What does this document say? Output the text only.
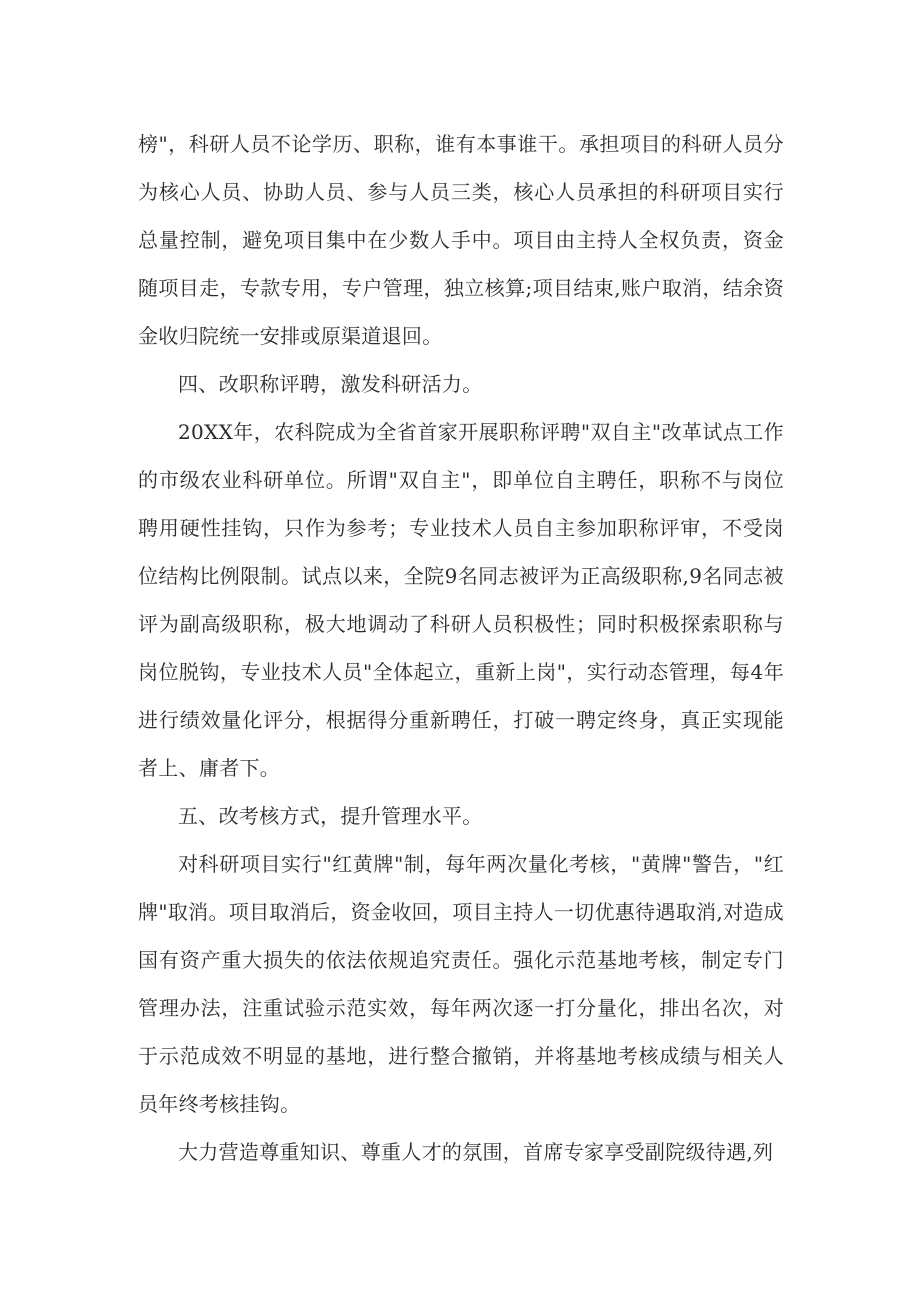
榜"，科研人员不论学历、职称，谁有本事谁干。承担项目的科研人员分为核心人员、协助人员、参与人员三类，核心人员承担的科研项目实行总量控制，避免项目集中在少数人手中。项目由主持人全权负责，资金随项目走，专款专用，专户管理，独立核算;项目结束,账户取消，结余资金收归院统一安排或原渠道退回。

四、改职称评聘，激发科研活力。

20XX年，农科院成为全省首家开展职称评聘"双自主"改革试点工作的市级农业科研单位。所谓"双自主"，即单位自主聘任，职称不与岗位聘用硬性挂钩，只作为参考；专业技术人员自主参加职称评审，不受岗位结构比例限制。试点以来，全院9名同志被评为正高级职称,9名同志被评为副高级职称，极大地调动了科研人员积极性；同时积极探索职称与岗位脱钩，专业技术人员"全体起立，重新上岗"，实行动态管理，每4年进行绩效量化评分，根据得分重新聘任，打破一聘定终身，真正实现能者上、庸者下。

五、改考核方式，提升管理水平。

对科研项目实行"红黄牌"制，每年两次量化考核，"黄牌"警告，"红牌"取消。项目取消后，资金收回，项目主持人一切优惠待遇取消,对造成国有资产重大损失的依法依规追究责任。强化示范基地考核，制定专门管理办法，注重试验示范实效，每年两次逐一打分量化，排出名次，对于示范成效不明显的基地，进行整合撤销，并将基地考核成绩与相关人员年终考核挂钩。

大力营造尊重知识、尊重人才的氛围，首席专家享受副院级待遇,列
